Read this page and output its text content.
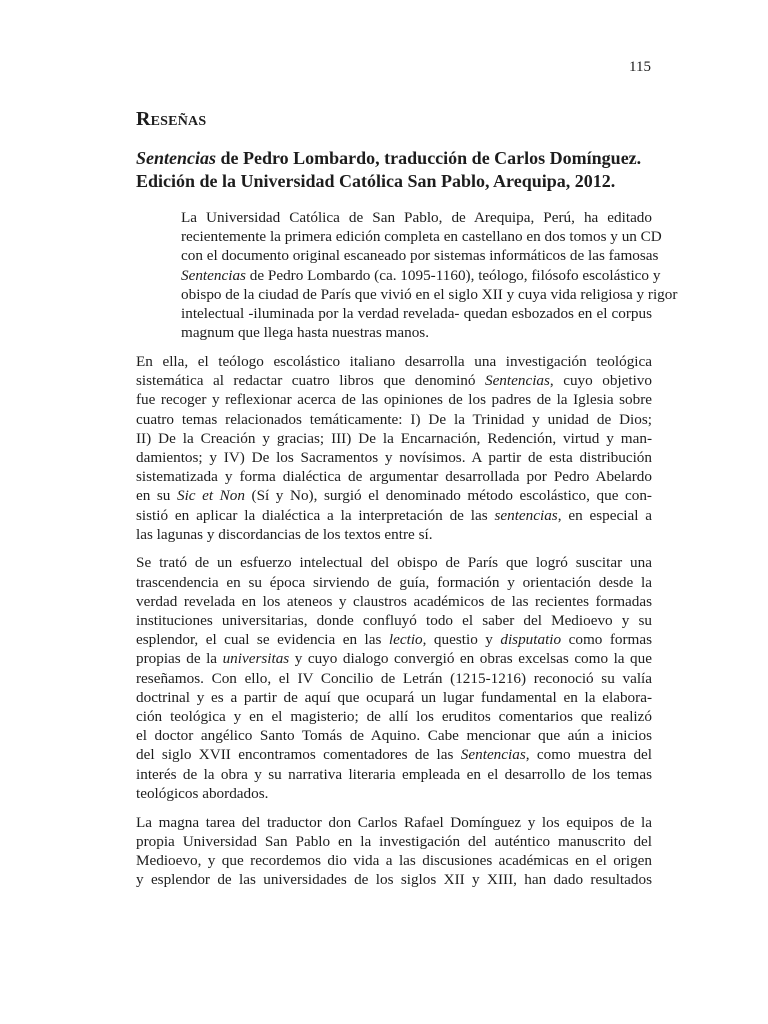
115
Reseñas
Sentencias de Pedro Lombardo, traducción de Carlos Domínguez.
Edición de la Universidad Católica San Pablo, Arequipa, 2012.
La Universidad Católica de San Pablo, de Arequipa, Perú, ha editado
recientemente la primera edición completa en castellano en dos tomos y un CD
con el documento original escaneado por sistemas informáticos de las famosas
Sentencias de Pedro Lombardo (ca. 1095-1160), teólogo, filósofo escolástico y
obispo de la ciudad de París que vivió en el siglo XII y cuya vida religiosa y rigor
intelectual -iluminada por la verdad revelada- quedan esbozados en el corpus
magnum que llega hasta nuestras manos.
En ella, el teólogo escolástico italiano desarrolla una investigación teológica
sistemática al redactar cuatro libros que denominó Sentencias, cuyo objetivo
fue recoger y reflexionar acerca de las opiniones de los padres de la Iglesia sobre
cuatro temas relacionados temáticamente: I) De la Trinidad y unidad de Dios;
II) De la Creación y gracias; III) De la Encarnación, Redención, virtud y man-
damientos; y IV) De los Sacramentos y novísimos. A partir de esta distribución
sistematizada y forma dialéctica de argumentar desarrollada por Pedro Abelardo
en su Sic et Non (Sí y No), surgió el denominado método escolástico, que con-
sistió en aplicar la dialéctica a la interpretación de las sentencias, en especial a
las lagunas y discordancias de los textos entre sí.
Se trató de un esfuerzo intelectual del obispo de París que logró suscitar una
trascendencia en su época sirviendo de guía, formación y orientación desde la
verdad revelada en los ateneos y claustros académicos de las recientes formadas
instituciones universitarias, donde confluyó todo el saber del Medioevo y su
esplendor, el cual se evidencia en las lectio, questio y disputatio como formas
propias de la universitas y cuyo dialogo convergió en obras excelsas como la que
reseñamos. Con ello, el IV Concilio de Letrán (1215-1216) reconoció su valía
doctrinal y es a partir de aquí que ocupará un lugar fundamental en la elabora-
ción teológica y en el magisterio; de allí los eruditos comentarios que realizó
el doctor angélico Santo Tomás de Aquino. Cabe mencionar que aún a inicios
del siglo XVII encontramos comentadores de las Sentencias, como muestra del
interés de la obra y su narrativa literaria empleada en el desarrollo de los temas
teológicos abordados.
La magna tarea del traductor don Carlos Rafael Domínguez y los equipos de la
propia Universidad San Pablo en la investigación del auténtico manuscrito del
Medioevo, y que recordemos dio vida a las discusiones académicas en el origen
y esplendor de las universidades de los siglos XII y XIII, han dado resultados
